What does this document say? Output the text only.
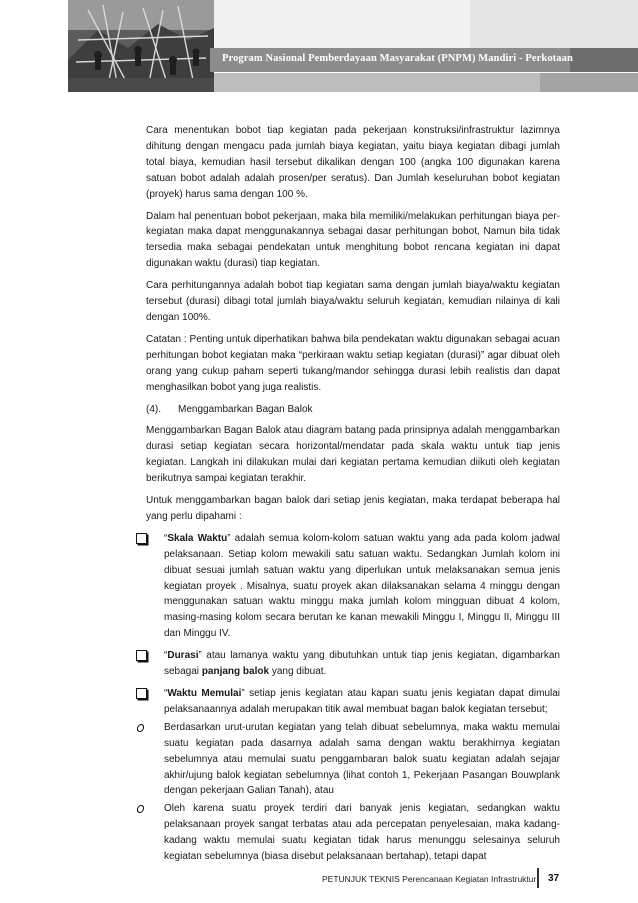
Program Nasional Pemberdayaan Masyarakat (PNPM) Mandiri - Perkotaan

Cara menentukan bobot tiap kegiatan pada pekerjaan konstruksi/infrastruktur lazimnya dihitung dengan mengacu pada jumlah biaya kegiatan, yaitu biaya kegiatan dibagi jumlah total biaya, kemudian hasil tersebut dikalikan dengan 100 (angka 100 digunakan karena satuan bobot adalah adalah prosen/per seratus). Dan Jumlah keseluruhan bobot kegiatan (proyek) harus sama dengan 100 %.

Dalam hal penentuan bobot pekerjaan, maka bila memiliki/melakukan perhitungan biaya per-kegiatan maka dapat menggunakannya sebagai dasar perhitungan bobot, Namun bila tidak tersedia maka sebagai pendekatan untuk menghitung bobot rencana kegiatan ini dapat digunakan waktu (durasi) tiap kegiatan.

Cara perhitungannya adalah bobot tiap kegiatan sama dengan jumlah biaya/waktu kegiatan tersebut (durasi) dibagi total jumlah biaya/waktu seluruh kegiatan, kemudian nilainya di kali dengan 100%.

Catatan : Penting untuk diperhatikan bahwa bila pendekatan waktu digunakan sebagai acuan perhitungan bobot kegiatan maka “perkiraan waktu setiap kegiatan (durasi)” agar dibuat oleh orang yang cukup paham seperti tukang/mandor sehingga durasi lebih realistis dan dapat menghasilkan bobot yang juga realistis.

(4). Menggambarkan Bagan Balok

Menggambarkan Bagan Balok atau diagram batang pada prinsipnya adalah menggambarkan durasi setiap kegiatan secara horizontal/mendatar pada skala waktu untuk tiap jenis kegiatan. Langkah ini dilakukan mulai dari kegiatan pertama kemudian diikuti oleh kegiatan berikutnya sampai kegiatan terakhir.

Untuk menggambarkan bagan balok dari setiap jenis kegiatan, maka terdapat beberapa hal yang perlu dipahami :

“Skala Waktu” adalah semua kolom-kolom satuan waktu yang ada pada kolom jadwal pelaksanaan. Setiap kolom mewakili satu satuan waktu. Sedangkan Jumlah kolom ini dibuat sesuai jumlah satuan waktu yang diperlukan untuk melaksanakan semua jenis kegiatan proyek . Misalnya, suatu proyek akan dilaksanakan selama 4 minggu dengan menggunakan satuan waktu minggu maka jumlah kolom mingguan dibuat 4 kolom, masing-masing kolom secara berutan ke kanan mewakili Minggu I, Minggu II, Minggu III dan Minggu IV.
“Durasi” atau lamanya waktu yang dibutuhkan untuk tiap jenis kegiatan, digambarkan sebagai panjang balok yang dibuat.
“Waktu Memulai” setiap jenis kegiatan atau kapan suatu jenis kegiatan dapat dimulai pelaksanaannya adalah merupakan titik awal membuat bagan balok kegiatan tersebut;
Berdasarkan urut-urutan kegiatan yang telah dibuat sebelumnya, maka waktu memulai suatu kegiatan pada dasarnya adalah sama dengan waktu berakhirnya kegiatan sebelumnya atau memulai suatu penggambaran balok suatu kegiatan adalah sejajar akhir/ujung balok kegiatan sebelumnya (lihat contoh 1, Pekerjaan Pasangan Bouwplank dengan pekerjaan Galian Tanah), atau
Oleh karena suatu proyek terdiri dari banyak jenis kegiatan, sedangkan waktu pelaksanaan proyek sangat terbatas atau ada percepatan penyelesaian, maka kadang-kadang waktu memulai suatu kegiatan tidak harus menunggu selesainya seluruh kegiatan sebelumnya (biasa disebut pelaksanaan bertahap), tetapi dapat
PETUNJUK TEKNIS Perencanaan Kegiatan Infrastruktur 37
